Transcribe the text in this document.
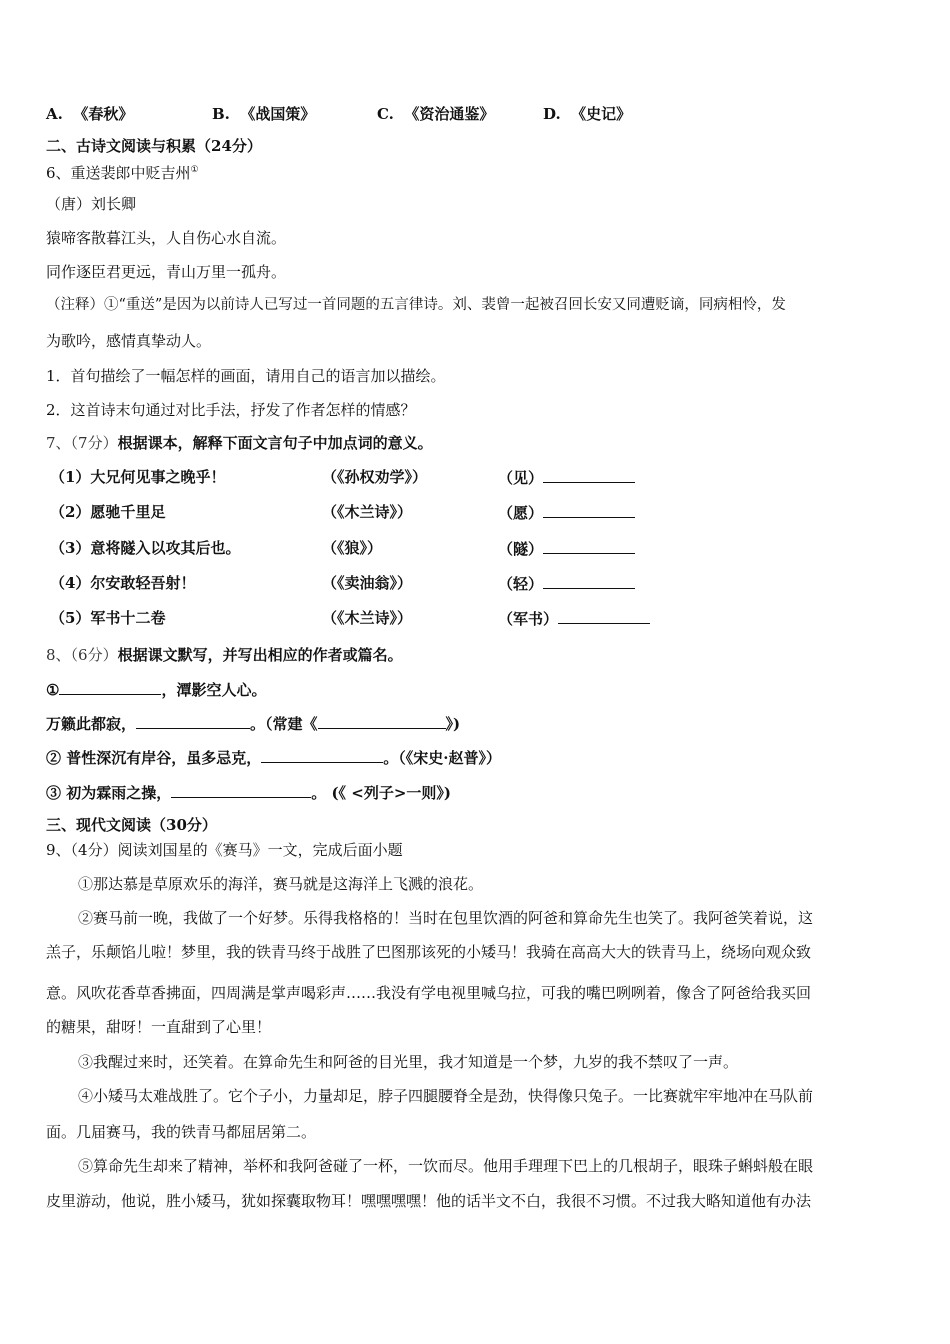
A. 《春秋》	B. 《战国策》	C. 《资治通鉴》	D. 《史记》
二、古诗文阅读与积累（24分）
6、重送裴郎中贬吉州①
（唐）刘长卿
猿啼客散暮江头，人自伤心水自流。
同作逐臣君更远，青山万里一孤舟。
（注释）①“重送”是因为以前诗人已写过一首同题的五言律诗。刘、裴曾一起被召回长安又同遭贬谪，同病相怜，发
为歌吟，感情真挚动人。
1．首句描绘了一幅怎样的画面，请用自己的语言加以描绘。
2．这首诗末句通过对比手法，抒发了作者怎样的情感？
7、（7分）根据课本，解释下面文言句子中加点词的意义。
（1）大兄何见事之晚乎！	（《孙权劝学》）	（见）
（2）愿驰千里足	（《木兰诗》）	（愿）
（3）意将隧入以攻其后也。	（《狼》）	（隧）
（4）尔安敢轻吾射！	（《卖油翁》）	（轻）
（5）军书十二卷	（《木兰诗》）	（军书）
8、（6分）根据课文默写，并写出相应的作者或篇名。
①	，潭影空人心。
万籁此都寂，	。（常建《	》)
② 普性深沉有岸谷，虽多忌克，	。（《宋史·赵普》）
③ 初为霖雨之操，	。 (《 <列子>一则》)
三、现代文阅读（30分）
9、（4分）阅读刘国星的《赛马》一文，完成后面小题
①那达慕是草原欢乐的海洋，赛马就是这海洋上飞溅的浪花。
②赛马前一晚，我做了一个好梦。乐得我格格的！当时在包里饮酒的阿爸和算命先生也笑了。我阿爸笑着说，这
羔子，乐颠馅儿啦！梦里，我的铁青马终于战胜了巴图那该死的小矮马！我骑在高高大大的铁青马上，绕场向观众致
意。风吹花香草香拂面，四周满是掌声喝彩声……我没有学电视里喊乌拉，可我的嘴巴咧咧着，像含了阿爸给我买回
的糖果，甜呀！一直甜到了心里！
③我醒过来时，还笑着。在算命先生和阿爸的目光里，我才知道是一个梦，九岁的我不禁叹了一声。
④小矮马太难战胜了。它个子小，力量却足，脖子四腿腰脊全是劲，快得像只兔子。一比赛就牢牢地冲在马队前
面。几届赛马，我的铁青马都屈居第二。
⑤算命先生却来了精神，举杯和我阿爸碰了一杯，一饮而尽。他用手理理下巴上的几根胡子，眼珠子蝌蚪般在眼
皮里游动，他说，胜小矮马，犹如探囊取物耳！嘿嘿嘿嘿！他的话半文不白，我很不习惯。不过我大略知道他有办法
